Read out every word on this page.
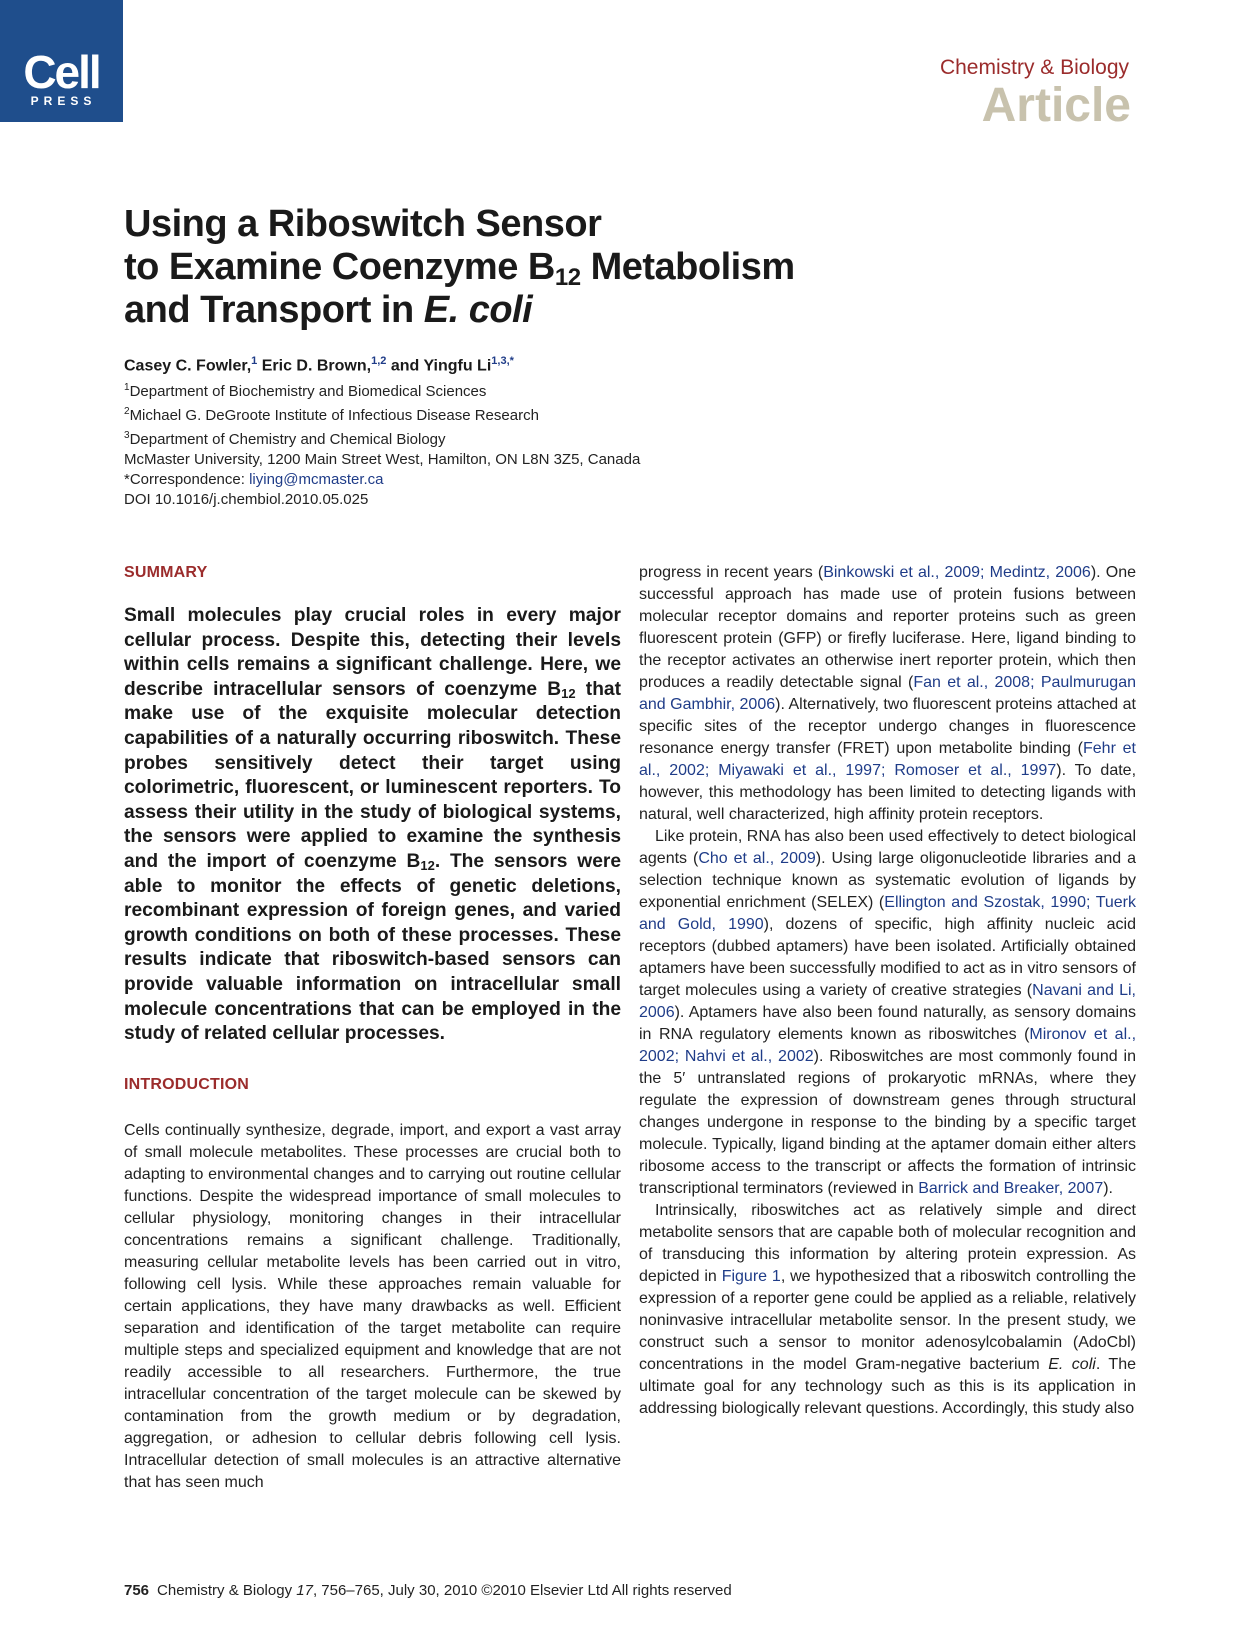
Cell
PRESS
Chemistry & Biology
Article
Using a Riboswitch Sensor
to Examine Coenzyme $B_{12}$ Metabolism
and Transport in E. coli
Casey C. Fowler,$^1$ Eric D. Brown,$^{1,2}$ and Yingfu $Li^{1,3,*}$
$^1$Department of Biochemistry and Biomedical Sciences
$^2$Michael G. DeGroote Institute of Infectious Disease Research
$^3$Department of Chemistry and Chemical Biology
McMaster University, 1200 Main Street West, Hamilton, ON L8N 3Z5, Canada
*Correspondence: liying@mcmaster.ca
DOI 10.1016/j.chembiol.2010.05.025
SUMMARY

Small molecules play crucial roles in every major cellular process. Despite this, detecting their levels within cells remains a significant challenge. Here, we describe intracellular sensors of coenzyme $B_{12}$ that make use of the exquisite molecular detection capabilities of a naturally occurring riboswitch. These probes sensitively detect their target using colorimetric, fluorescent, or luminescent reporters. To assess their utility in the study of biological systems, the sensors were applied to examine the synthesis and the import of coenzyme $B_{12}$. The sensors were able to monitor the effects of genetic deletions, recombinant expression of foreign genes, and varied growth conditions on both of these processes. These results indicate that riboswitch-based sensors can provide valuable information on intracellular small molecule concentrations that can be employed in the study of related cellular processes.

INTRODUCTION

Cells continually synthesize, degrade, import, and export a vast array of small molecule metabolites. These processes are crucial both to adapting to environmental changes and to carrying out routine cellular functions. Despite the widespread importance of small molecules to cellular physiology, monitoring changes in their intracellular concentrations remains a significant challenge. Traditionally, measuring cellular metabolite levels has been carried out in vitro, following cell lysis. While these approaches remain valuable for certain applications, they have many drawbacks as well. Efficient separation and identification of the target metabolite can require multiple steps and specialized equipment and knowledge that are not readily accessible to all researchers. Furthermore, the true intracellular concentration of the target molecule can be skewed by contamination from the growth medium or by degradation, aggregation, or adhesion to cellular debris following cell lysis. Intracellular detection of small molecules is an attractive alternative that has seen much

progress in recent years (Binkowski et al., 2009; Medintz, 2006). One successful approach has made use of protein fusions between molecular receptor domains and reporter proteins such as green fluorescent protein (GFP) or firefly luciferase. Here, ligand binding to the receptor activates an otherwise inert reporter protein, which then produces a readily detectable signal (Fan et al., 2008; Paulmurugan and Gambhir, 2006). Alternatively, two fluorescent proteins attached at specific sites of the receptor undergo changes in fluorescence resonance energy transfer (FRET) upon metabolite binding (Fehr et al., 2002; Miyawaki et al., 1997; Romoser et al., 1997). To date, however, this methodology has been limited to detecting ligands with natural, well characterized, high affinity protein receptors.

Like protein, RNA has also been used effectively to detect biological agents (Cho et al., 2009). Using large oligonucleotide libraries and a selection technique known as systematic evolution of ligands by exponential enrichment (SELEX) (Ellington and Szostak, 1990; Tuerk and Gold, 1990), dozens of specific, high affinity nucleic acid receptors (dubbed aptamers) have been isolated. Artificially obtained aptamers have been successfully modified to act as in vitro sensors of target molecules using a variety of creative strategies (Navani and Li, 2006). Aptamers have also been found naturally, as sensory domains in RNA regulatory elements known as riboswitches (Mironov et al., 2002; Nahvi et al., 2002). Riboswitches are most commonly found in the 5′ untranslated regions of prokaryotic mRNAs, where they regulate the expression of downstream genes through structural changes undergone in response to the binding by a specific target molecule. Typically, ligand binding at the aptamer domain either alters ribosome access to the transcript or affects the formation of intrinsic transcriptional terminators (reviewed in Barrick and Breaker, 2007).

Intrinsically, riboswitches act as relatively simple and direct metabolite sensors that are capable both of molecular recognition and of transducing this information by altering protein expression. As depicted in Figure 1, we hypothesized that a riboswitch controlling the expression of a reporter gene could be applied as a reliable, relatively noninvasive intracellular metabolite sensor. In the present study, we construct such a sensor to monitor adenosylcobalamin (AdoCbl) concentrations in the model Gram-negative bacterium E. coli. The ultimate goal for any technology such as this is its application in addressing biologically relevant questions. Accordingly, this study also

756 Chemistry & Biology 17, 756–765, July 30, 2010 ©2010 Elsevier Ltd All rights reserved
